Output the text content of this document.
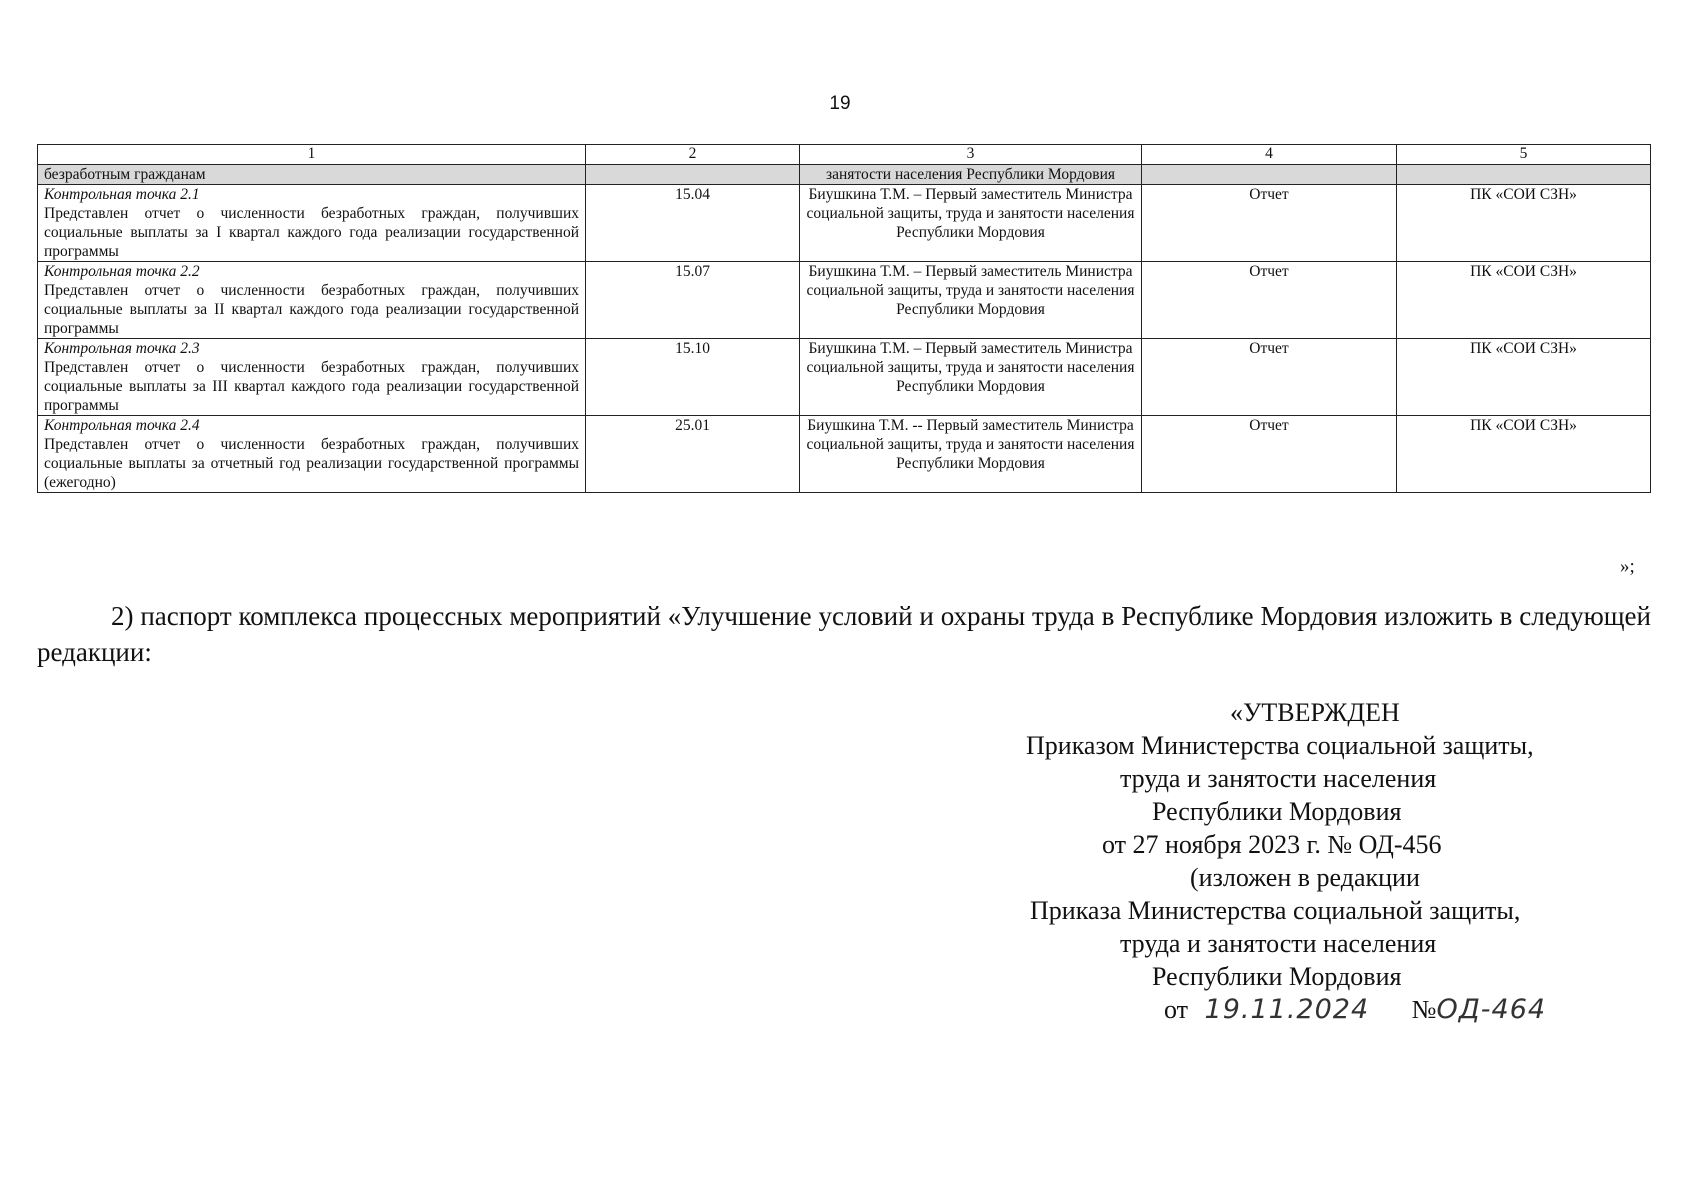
19
1	2	3	4	5
безработным гражданам		занятости населения Республики Мордовия		

Контрольная точка 2.1
Представлен отчет о численности безработных граждан, получивших социальные выплаты за I квартал каждого года реализации государственной программы	15.04	Биушкина Т.М. – Первый заместитель Министра социальной защиты, труда и занятости населения Республики Мордовия	Отчет	ПК «СОИ СЗН»

Контрольная точка 2.2
Представлен отчет о численности безработных граждан, получивших социальные выплаты за II квартал каждого года реализации государственной программы	15.07	Биушкина Т.М. – Первый заместитель Министра социальной защиты, труда и занятости населения Республики Мордовия	Отчет	ПК «СОИ СЗН»

Контрольная точка 2.3
Представлен отчет о численности безработных граждан, получивших социальные выплаты за III квартал каждого года реализации государственной программы	15.10	Биушкина Т.М. – Первый заместитель Министра социальной защиты, труда и занятости населения Республики Мордовия	Отчет	ПК «СОИ СЗН»

Контрольная точка 2.4
Представлен отчет о численности безработных граждан, получивших социальные выплаты за отчетный год реализации государственной программы (ежегодно)	25.01	Биушкина Т.М. -- Первый заместитель Министра социальной защиты, труда и занятости населения Республики Мордовия	Отчет	ПК «СОИ СЗН»
»;
2) паспорт комплекса процессных мероприятий «Улучшение условий и охраны труда в Республике Мордовия изложить в следующей редакции:
«УТВЕРЖДЕН
Приказом Министерства социальной защиты,
труда и занятости населения
Республики Мордовия
от 27 ноября 2023 г. № ОД-456
(изложен в редакции
Приказа Министерства социальной защиты,
труда и занятости населения
Республики Мордовия
от 19.11.2024 №ОД-464
